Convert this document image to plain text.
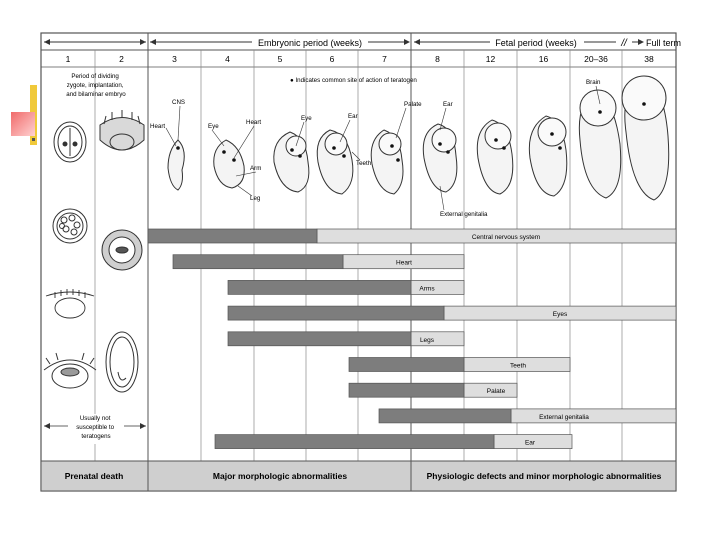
Embryonic period (weeks)	Fetal period (weeks)	// Full term
1	2	3	4	5	6	7	8	12	16	20–36	38
Period of dividing zygote, implantation, and bilaminar embryo
● Indicates common site of action of teratogen
Usually not susceptible to teratogens
CNS
Heart	Eye
Heart
Arm
Leg
Eye	Ear
Teeth
Palate	Ear
External genitalia
Brain
Central nervous system
Heart
Arms
Eyes
Legs
Teeth
Palate
External genitalia
Ear
Prenatal death	Major morphologic abnormalities	Physiologic defects and minor morphologic abnormalities
